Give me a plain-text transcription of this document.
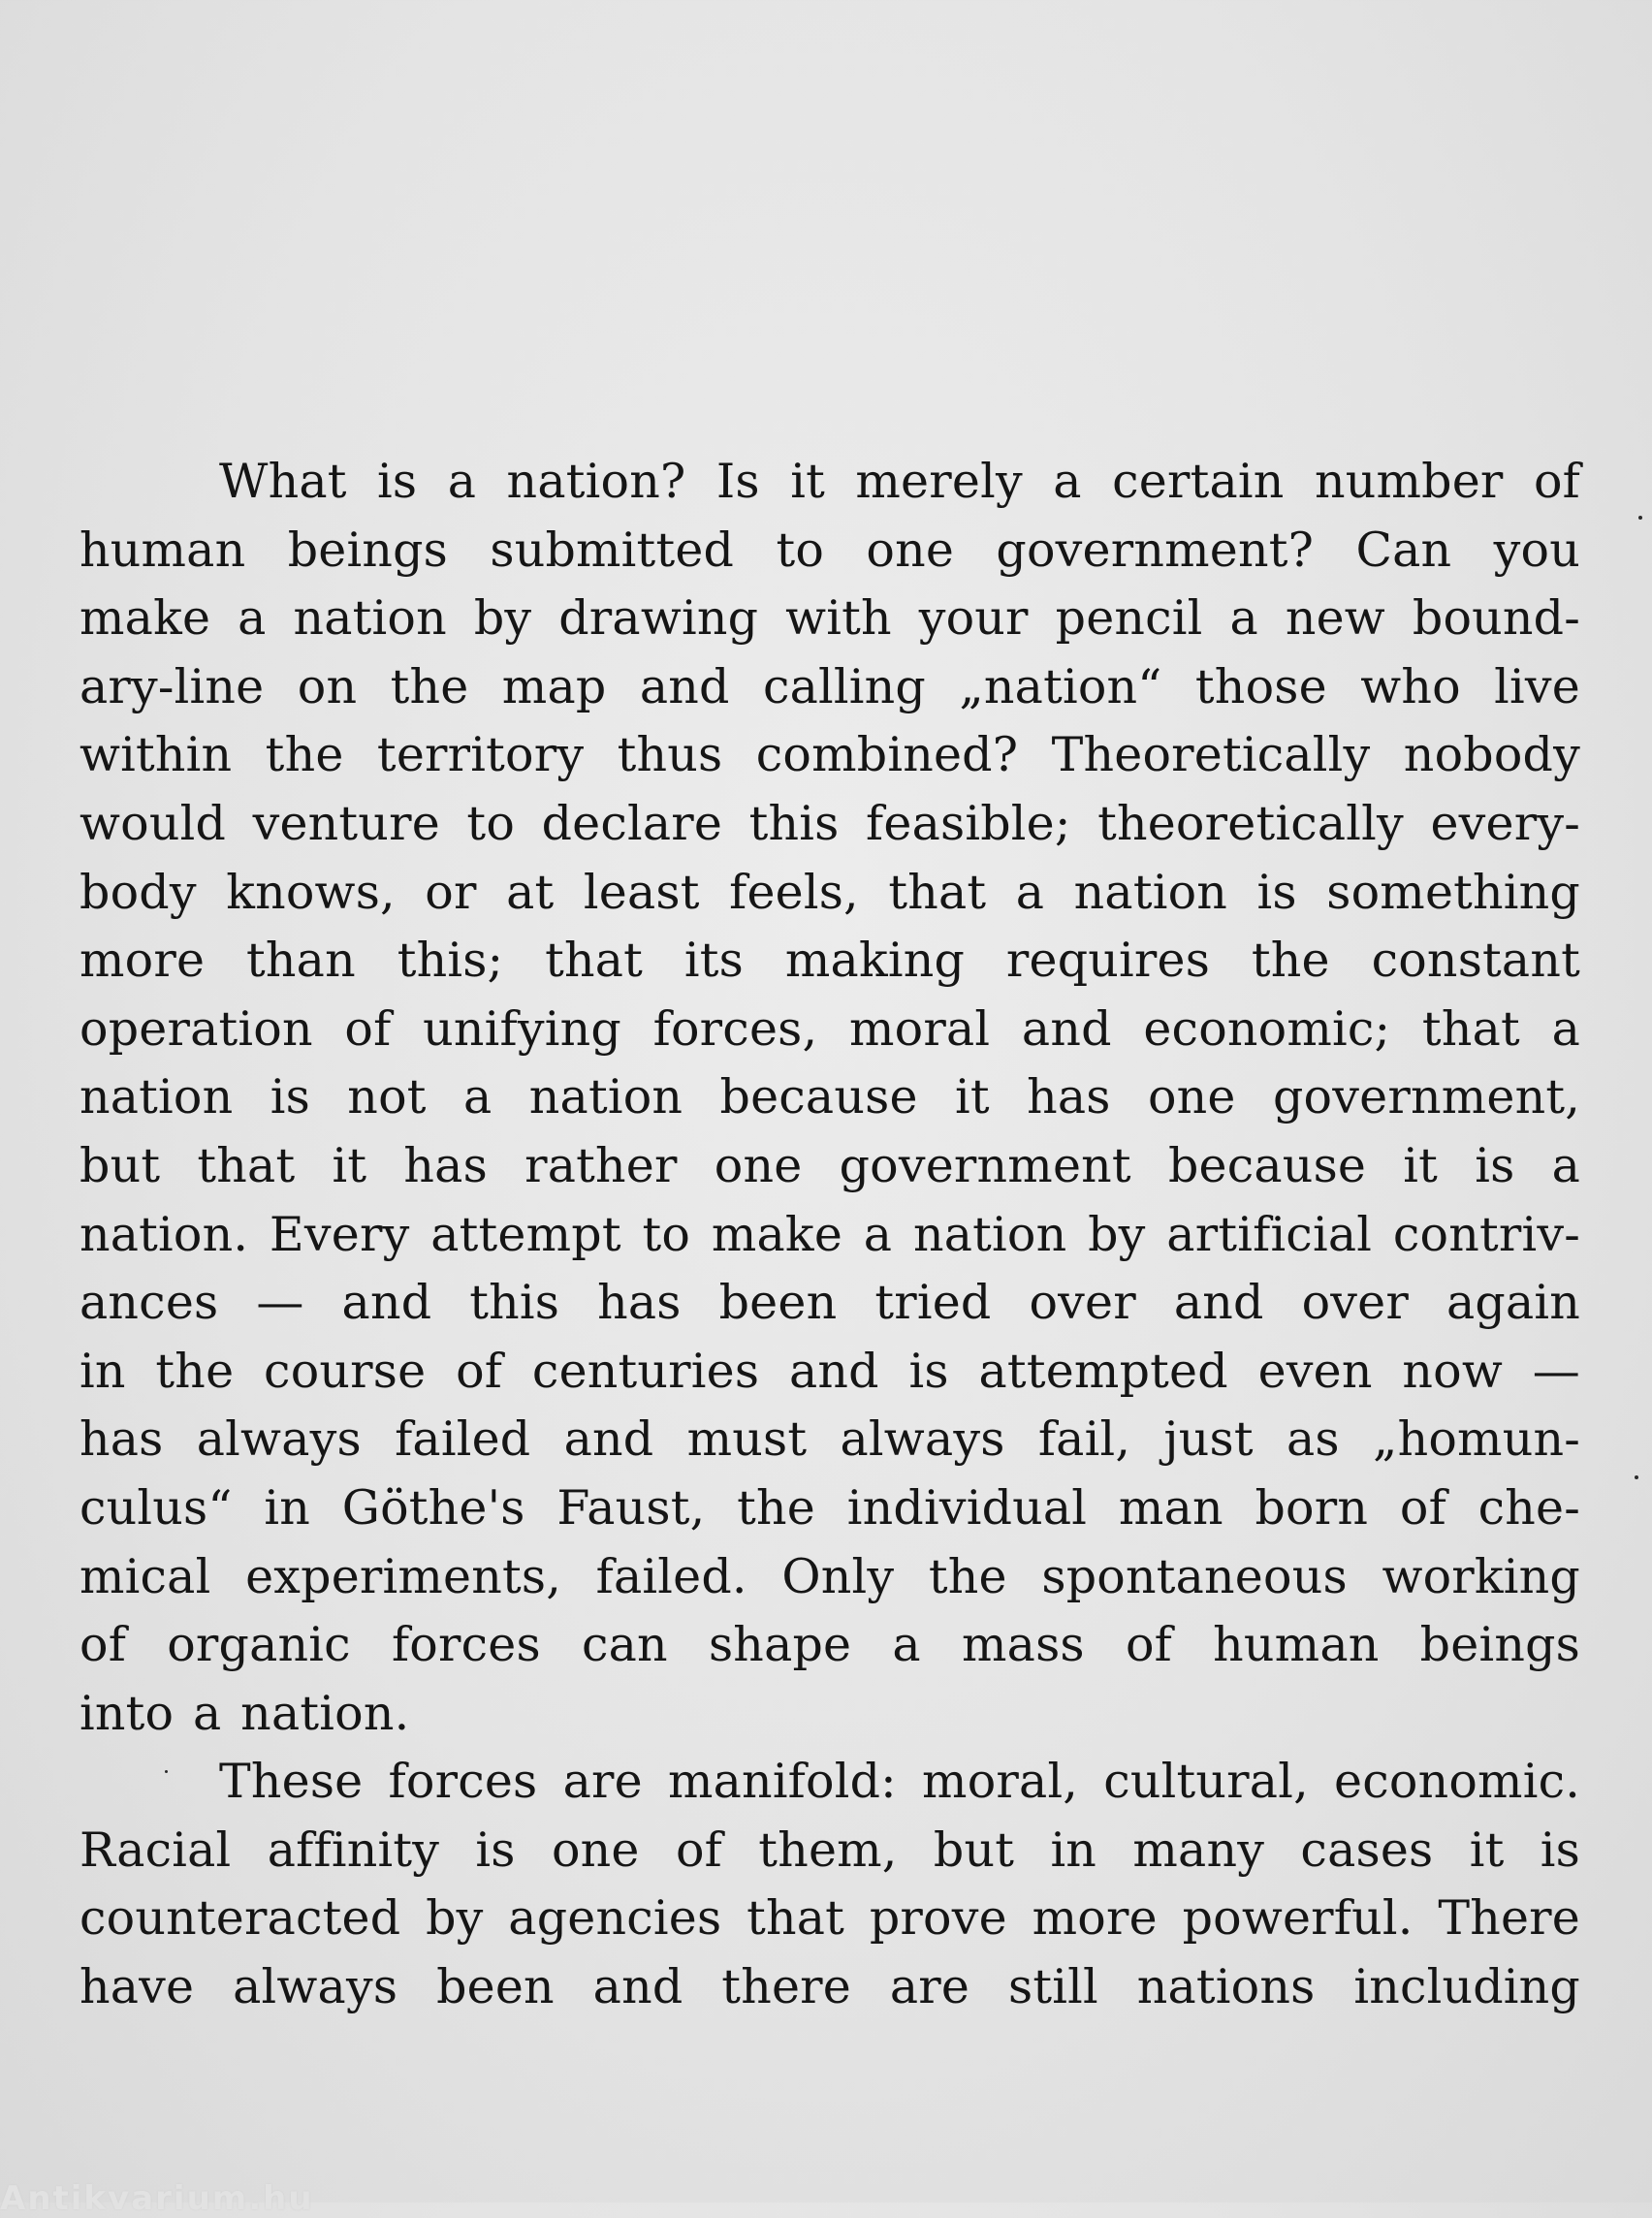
What is a nation? Is it merely a certain number of
human beings submitted to one government? Can you
make a nation by drawing with your pencil a new bound-
ary-line on the map and calling „nation“ those who live
within the territory thus combined? Theoretically nobody
would venture to declare this feasible; theoretically every-
body knows, or at least feels, that a nation is something
more than this; that its making requires the constant
operation of unifying forces, moral and economic; that a
nation is not a nation because it has one government,
but that it has rather one government because it is a
nation. Every attempt to make a nation by artificial contriv-
ances — and this has been tried over and over again
in the course of centuries and is attempted even now —
has always failed and must always fail, just as „homun-
culus“ in Göthe's Faust, the individual man born of che-
mical experiments, failed. Only the spontaneous working
of organic forces can shape a mass of human beings
into a nation.
These forces are manifold: moral, cultural, economic.
Racial affinity is one of them, but in many cases it is
counteracted by agencies that prove more powerful. There
have always been and there are still nations including
Antikvarium.hu
